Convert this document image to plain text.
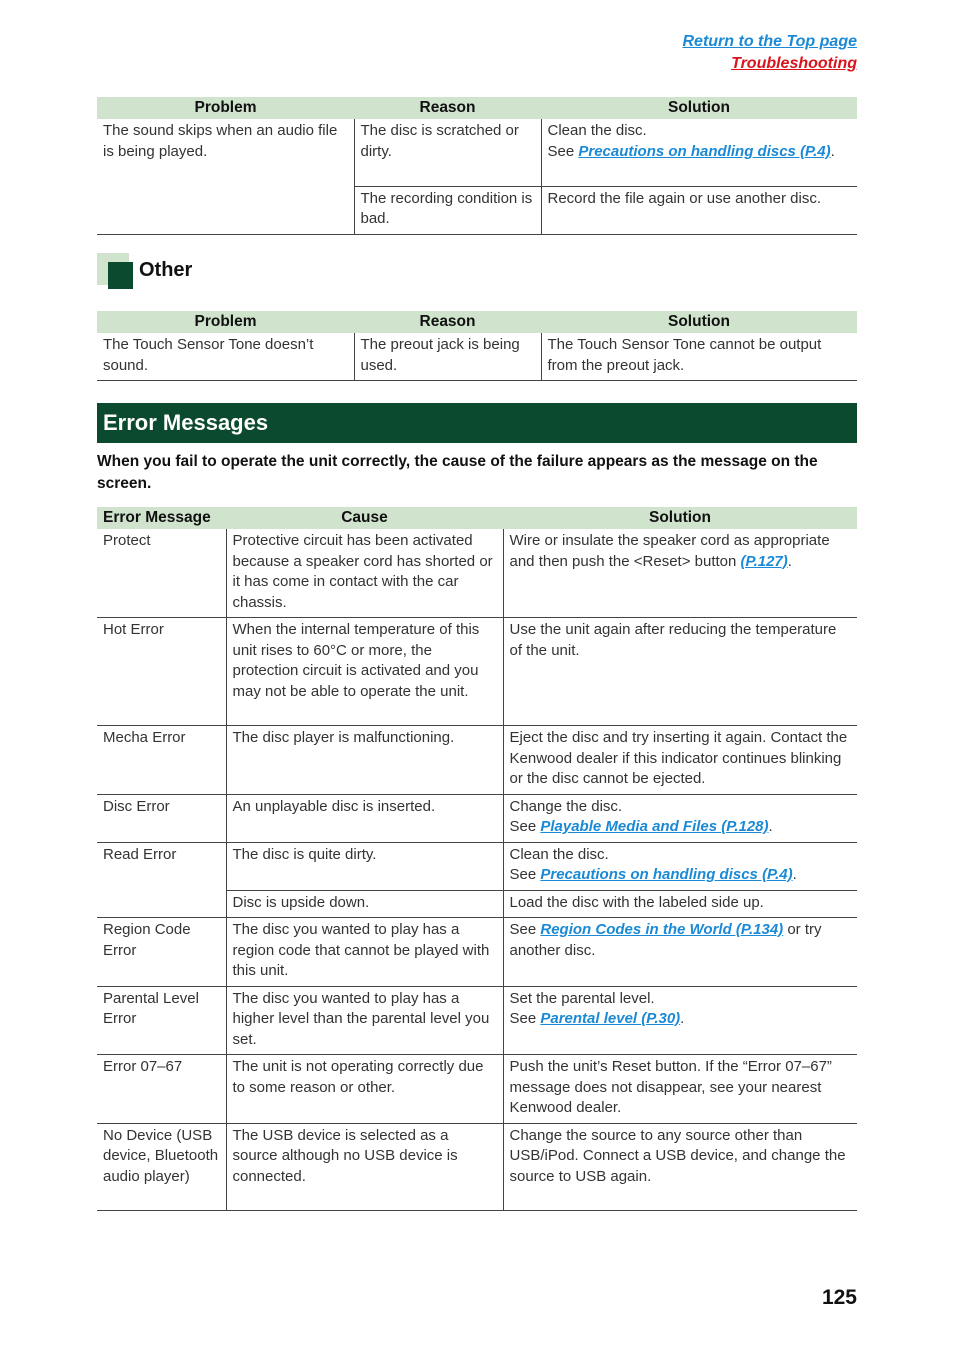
Return to the Top page
Troubleshooting
Problem	Reason	Solution
The sound skips when an audio file is being played.	The disc is scratched or dirty.	Clean the disc.
See Precautions on handling discs (P.4).
	The recording condition is bad.	Record the file again or use another disc.
Other
Problem	Reason	Solution
The Touch Sensor Tone doesn’t sound.	The preout jack is being used.	The Touch Sensor Tone cannot be output from the preout jack.
Error Messages
When you fail to operate the unit correctly, the cause of the failure appears as the message on the screen.
Error Message	Cause	Solution
Protect	Protective circuit has been activated because a speaker cord has shorted or it has come in contact with the car chassis.	Wire or insulate the speaker cord as appropriate and then push the <Reset> button (P.127).
Hot Error	When the internal temperature of this unit rises to 60°C or more, the protection circuit is activated and you may not be able to operate the unit.	Use the unit again after reducing the temperature of the unit.
Mecha Error	The disc player is malfunctioning.	Eject the disc and try inserting it again. Contact the Kenwood dealer if this indicator continues blinking or the disc cannot be ejected.
Disc Error	An unplayable disc is inserted.	Change the disc.
See Playable Media and Files (P.128).
Read Error	The disc is quite dirty.	Clean the disc.
See Precautions on handling discs (P.4).
	Disc is upside down.	Load the disc with the labeled side up.
Region Code Error	The disc you wanted to play has a region code that cannot be played with this unit.	See Region Codes in the World (P.134) or try another disc.
Parental Level Error	The disc you wanted to play has a higher level than the parental level you set.	Set the parental level.
See Parental level (P.30).
Error 07–67	The unit is not operating correctly due to some reason or other.	Push the unit’s Reset button. If the “Error 07–67” message does not disappear, see your nearest Kenwood dealer.
No Device (USB device, Bluetooth audio player)	The USB device is selected as a source although no USB device is connected.	Change the source to any source other than USB/iPod. Connect a USB device, and change the source to USB again.
125
